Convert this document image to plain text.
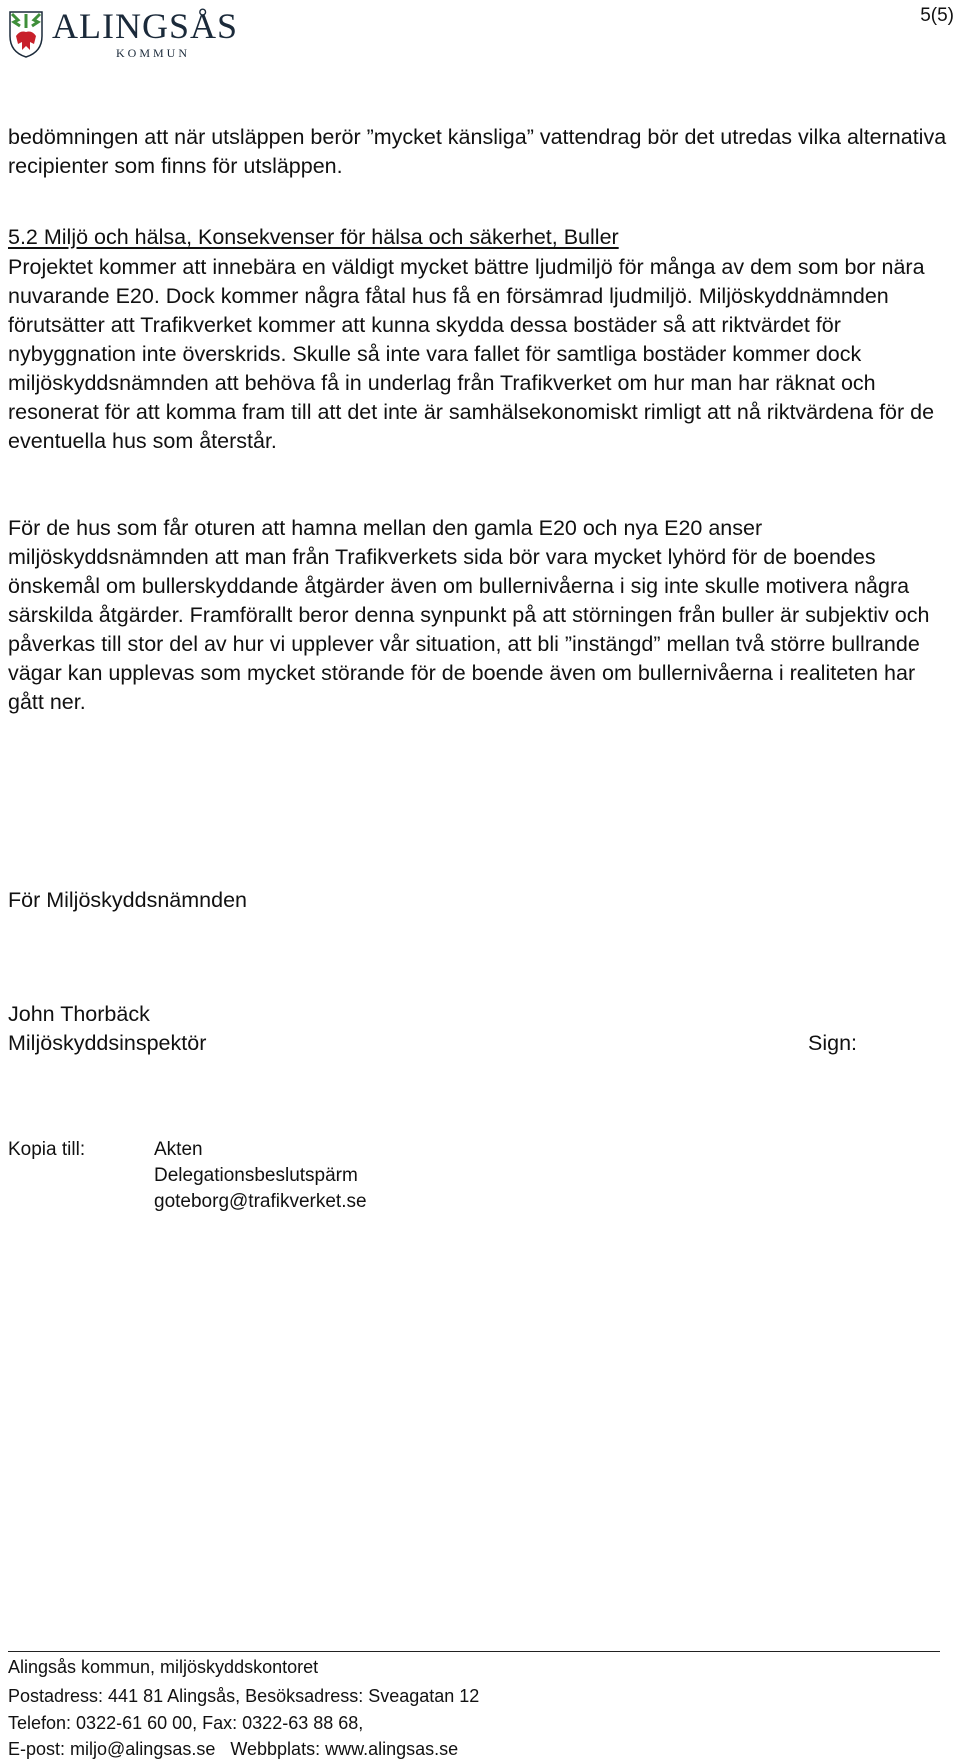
ALINGSÅS
KOMMUN
5(5)

bedömningen att när utsläppen berör ”mycket känsliga” vattendrag bör det utredas vilka alternativa recipienter som finns för utsläppen.

5.2 Miljö och hälsa, Konsekvenser för hälsa och säkerhet, Buller

Projektet kommer att innebära en väldigt mycket bättre ljudmiljö för många av dem som bor nära nuvarande E20. Dock kommer några fåtal hus få en försämrad ljudmiljö. Miljöskyddnämnden förutsätter att Trafikverket kommer att kunna skydda dessa bostäder så att riktvärdet för nybyggnation inte överskrids. Skulle så inte vara fallet för samtliga bostäder kommer dock miljöskyddsnämnden att behöva få in underlag från Trafikverket om hur man har räknat och resonerat för att komma fram till att det inte är samhälsekonomiskt rimligt att nå riktvärdena för de eventuella hus som återstår.

För de hus som får oturen att hamna mellan den gamla E20 och nya E20 anser miljöskyddsnämnden att man från Trafikverkets sida bör vara mycket lyhörd för de boendes önskemål om bullerskyddande åtgärder även om bullernivåerna i sig inte skulle motivera några särskilda åtgärder. Framförallt beror denna synpunkt på att störningen från buller är subjektiv och påverkas till stor del av hur vi upplever vår situation, att bli ”instängd” mellan två större bullrande vägar kan upplevas som mycket störande för de boende även om bullernivåerna i realiteten har gått ner.

För Miljöskyddsnämnden
John Thorbäck
Miljöskyddsinspektör	Sign:
Kopia till:	Akten
Delegationsbeslutspärm
goteborg@trafikverket.se
Alingsås kommun, miljöskyddskontoret
Postadress: 441 81 Alingsås, Besöksadress: Sveagatan 12
Telefon: 0322-61 60 00, Fax: 0322-63 88 68,
E-post: miljo@alingsas.se   Webbplats: www.alingsas.se
